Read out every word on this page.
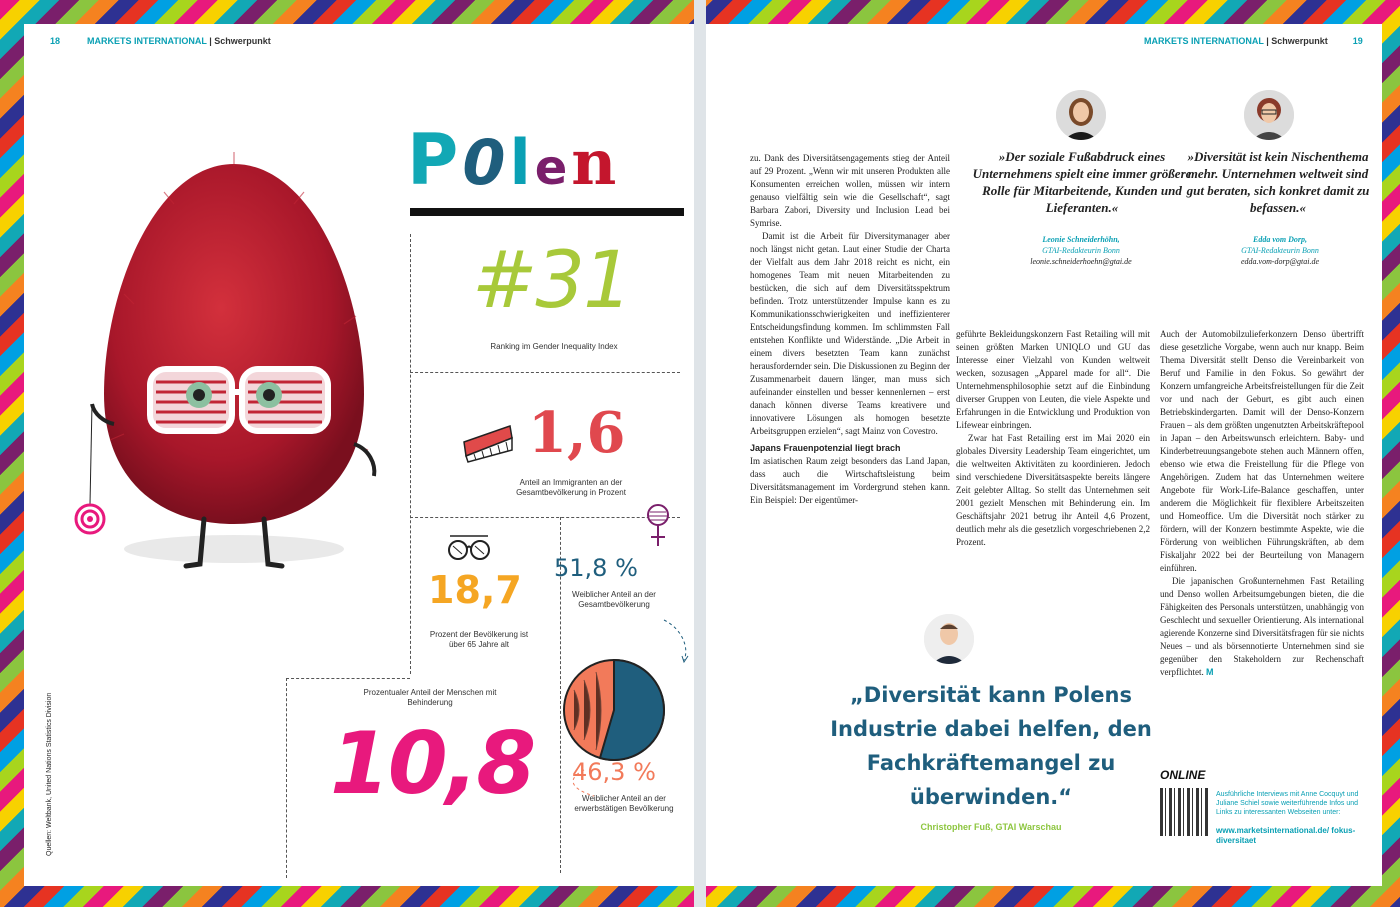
18	MARKETS INTERNATIONAL | Schwerpunkt
P0len
#31
Ranking im Gender Inequality Index
1,6
Anteil an Immigranten an der Gesamtbevölkerung in Prozent
18,7
Prozent der Bevölkerung ist über 65 Jahre alt
51,8 %
Weiblicher Anteil an der Gesamtbevölkerung
46,3 %
Weiblicher Anteil an der erwerbstätigen Bevölkerung
Prozentualer Anteil der Menschen mit Behinderung
10,8
Quellen: Weltbank, United Nations Statistics Division
MARKETS INTERNATIONAL | Schwerpunkt	19

zu. Dank des Diversitätsengagements stieg der Anteil auf 29 Prozent. „Wenn wir mit unseren Produkten alle Konsumenten erreichen wollen, müssen wir intern genauso vielfältig sein wie die Gesellschaft“, sagt Barbara Zabori, Diversity und Inclusion Lead bei Symrise.

Damit ist die Arbeit für Diversitymanager aber noch längst nicht getan. Laut einer Studie der Charta der Vielfalt aus dem Jahr 2018 reicht es nicht, ein homogenes Team mit neuen Mitarbeitenden zu bestücken, die sich auf dem Diversitätsspektrum befinden. Trotz unterstützender Impulse kann es zu Kommunikationsschwierigkeiten und ineffizienterer Entscheidungsfindung kommen. Im schlimmsten Fall entstehen Konflikte und Widerstände. „Die Arbeit in einem divers besetzten Team kann zunächst herausfordernder sein. Die Diskussionen zu Beginn der Zusammenarbeit dauern länger, man muss sich aufeinander einstellen und besser kennenlernen – erst danach können diverse Teams kreativere und innovativere Lösungen als homogen besetzte Arbeitsgruppen erzielen“, sagt Mainz von Covestro.

Japans Frauenpotenzial liegt brach

Im asiatischen Raum zeigt besonders das Land Japan, dass auch die Wirtschaftsleistung beim Diversitätsmanagement im Vordergrund stehen kann. Ein Beispiel: Der eigentümer-

geführte Bekleidungskonzern Fast Retailing will mit seinen größten Marken UNIQLO und GU das Interesse einer Vielzahl von Kunden weltweit wecken, sozusagen „Apparel made for all“. Die Unternehmensphilosophie setzt auf die Einbindung diverser Gruppen von Leuten, die viele Aspekte und Erfahrungen in die Entwicklung und Produktion von Lifewear einbringen.

Zwar hat Fast Retailing erst im Mai 2020 ein globales Diversity Leadership Team eingerichtet, um die weltweiten Aktivitäten zu koordinieren. Jedoch sind verschiedene Diversitätsaspekte bereits längere Zeit gelebter Alltag. So stellt das Unternehmen seit 2001 gezielt Menschen mit Behinderung ein. Im Geschäftsjahr 2021 betrug ihr Anteil 4,6 Prozent, deutlich mehr als die gesetzlich vorgeschriebenen 2,2 Prozent.

Auch der Automobilzulieferkonzern Denso übertrifft diese gesetzliche Vorgabe, wenn auch nur knapp. Beim Thema Diversität stellt Denso die Vereinbarkeit von Beruf und Familie in den Fokus. So gewährt der Konzern umfangreiche Arbeitsfreistellungen für die Zeit vor und nach der Geburt, es gibt auch einen Betriebskindergarten. Damit will der Denso-Konzern Frauen – als dem größten ungenutzten Arbeitskräftepool in Japan – den Arbeitswunsch erleichtern. Baby- und Kinderbetreuungsangebote stehen auch Männern offen, ebenso wie etwa die Freistellung für die Pflege von Angehörigen. Zudem hat das Unternehmen weitere Angebote für Work-Life-Balance geschaffen, unter anderem die Möglichkeit für flexiblere Arbeitszeiten und Homeoffice. Um die Diversität noch stärker zu fördern, will der Konzern bestimmte Aspekte, wie die Förderung von weiblichen Führungskräften, ab dem Fiskaljahr 2022 bei der Beurteilung von Managern einführen.

Die japanischen Großunternehmen Fast Retailing und Denso wollen Arbeitsumgebungen bieten, die die Fähigkeiten des Personals unterstützen, unabhängig von Geschlecht und sexueller Orientierung. Als international agierende Konzerne sind Diversitätsfragen für sie nichts Neues – und als börsennotierte Unternehmen sind sie gegenüber den Stakeholdern zur Rechenschaft verpflichtet. M

»Der soziale Fußabdruck eines Unternehmens spielt eine immer größere Rolle für Mitarbeitende, Kunden und Lieferanten.«
Leonie Schneiderhöhn,
GTAI-Redakteurin Bonn
leonie.schneiderhoehn@gtai.de
»Diversität ist kein Nischenthema mehr. Unternehmen weltweit sind gut beraten, sich konkret damit zu befassen.«
Edda vom Dorp,
GTAI-Redakteurin Bonn
edda.vom-dorp@gtai.de
„Diversität kann Polens Industrie dabei helfen, den Fachkräftemangel zu überwinden.“
Christopher Fuß, GTAI Warschau
ONLINE
Ausführliche Interviews mit Anne Cocquyt und Juliane Schiel sowie weiterführende Infos und Links zu interessanten Webseiten unter:
www.marketsinternational.de/ fokus-diversitaet
